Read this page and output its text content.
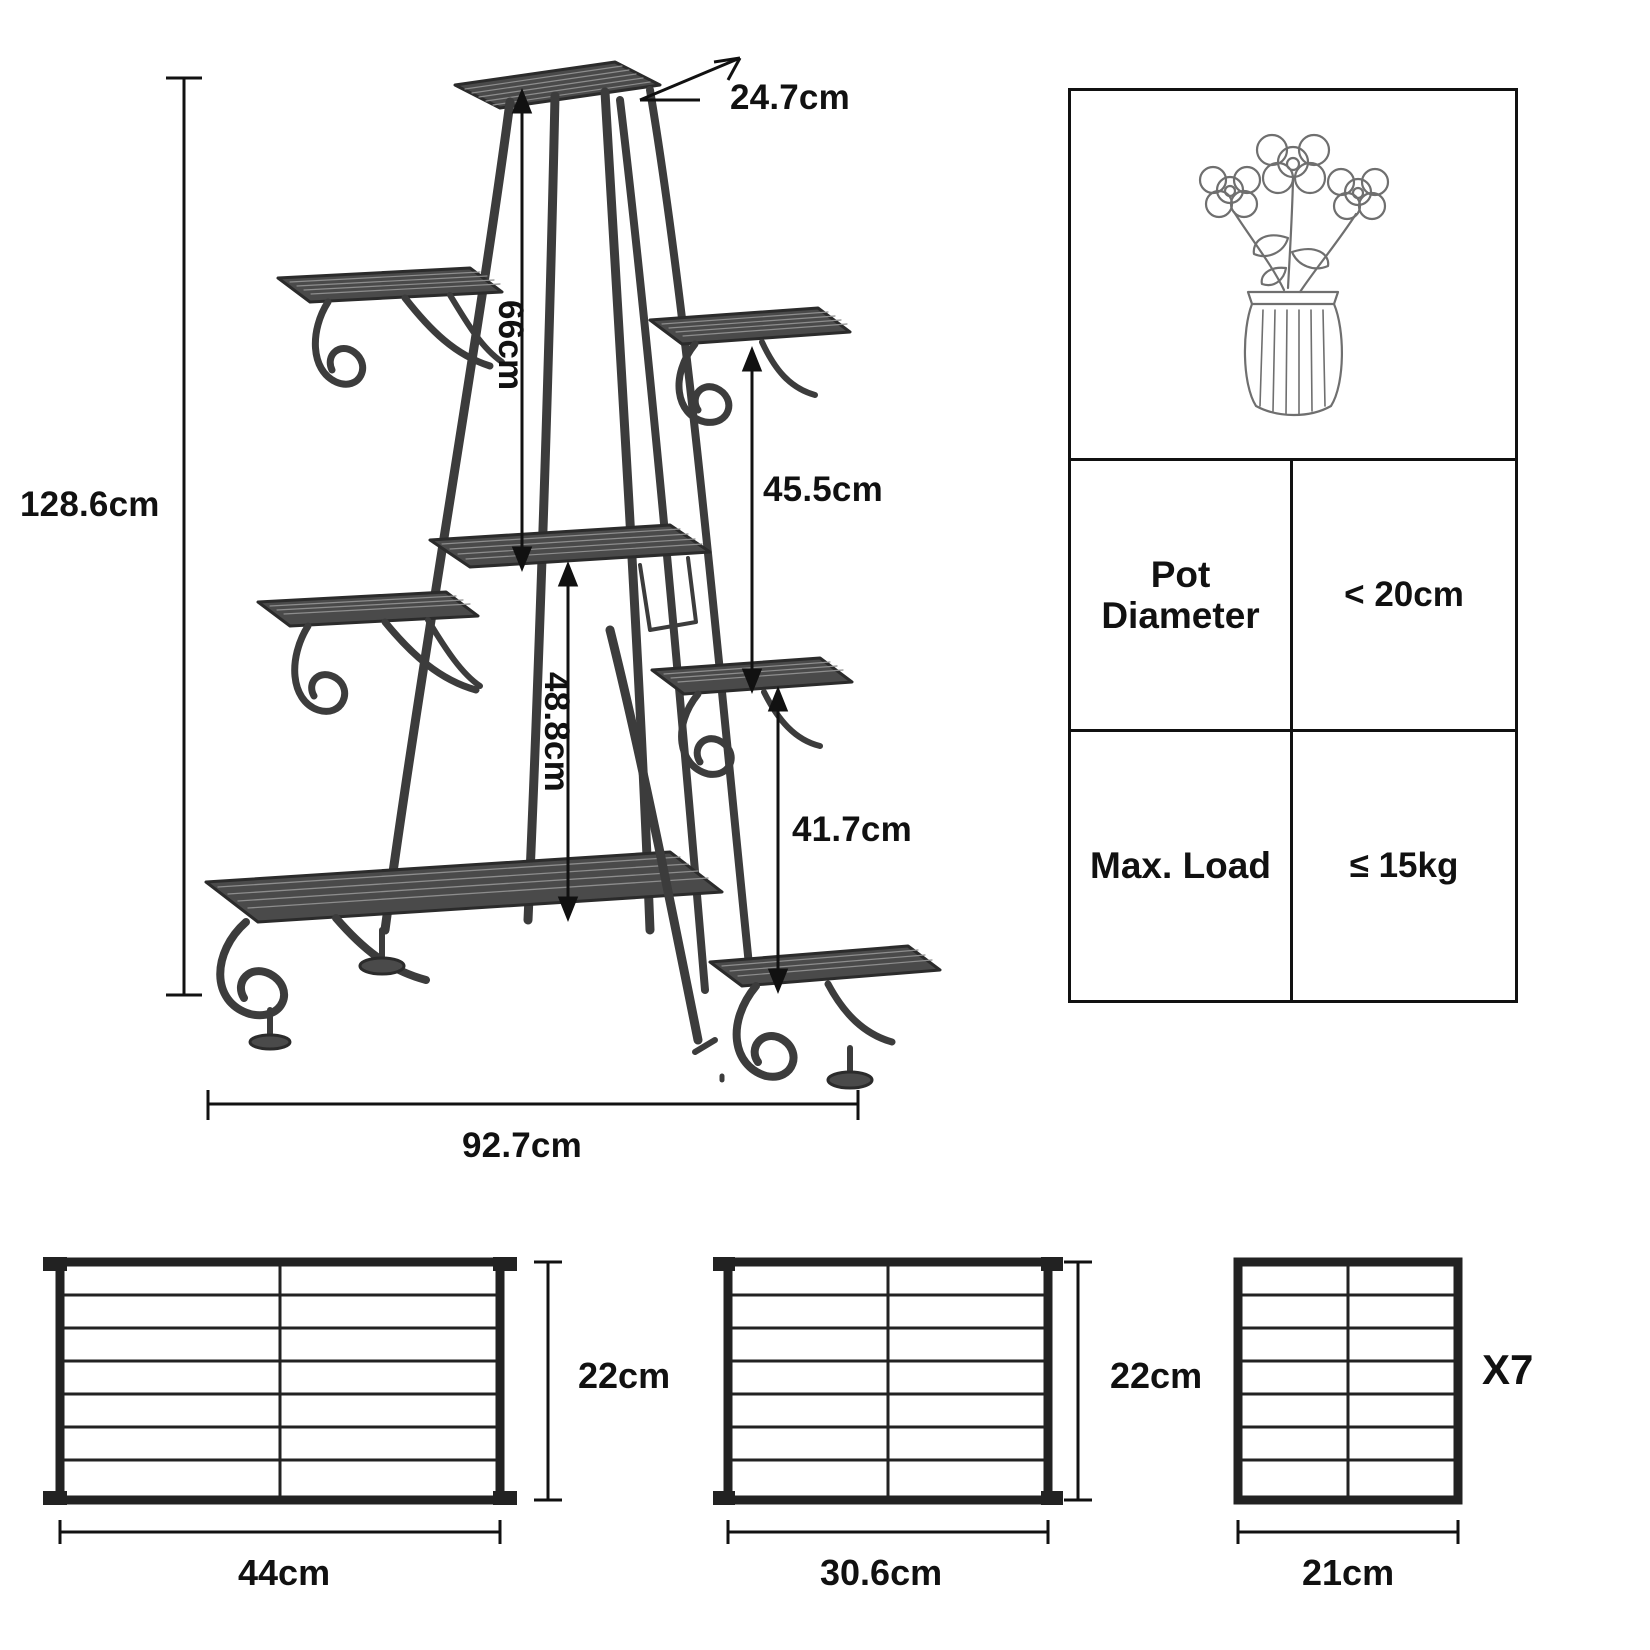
24.7cm
128.6cm
66cm
45.5cm
48.8cm
41.7cm
92.7cm
Pot
Diameter
< 20cm
Max. Load	≤ 15kg
22cm
44cm
22cm
30.6cm
X7
21cm
